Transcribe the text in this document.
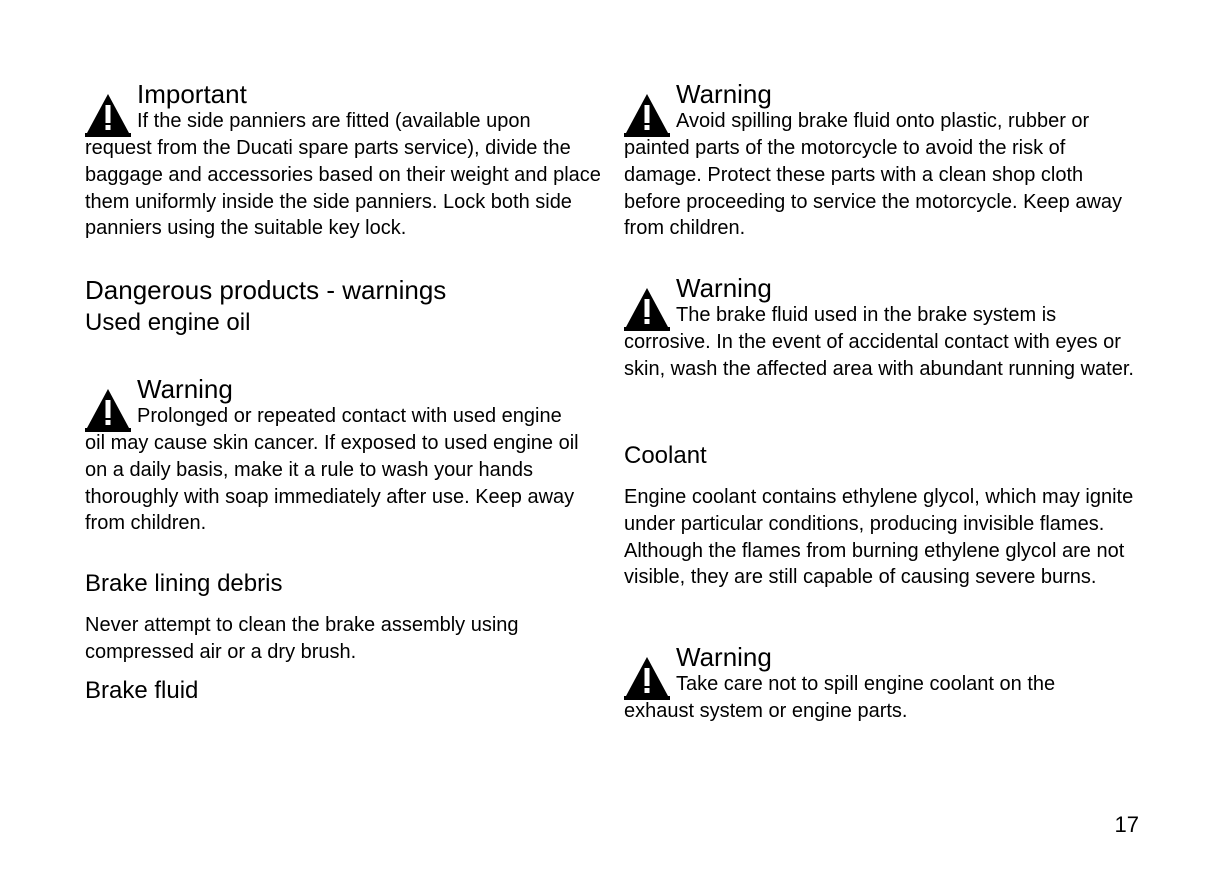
Important
If the side panniers are fitted (available upon
request from the Ducati spare parts service), divide the baggage and accessories based on their weight and place them uniformly inside the side panniers. Lock both side panniers using the suitable key lock.
Dangerous products - warnings
Used engine oil
Warning
Prolonged or repeated contact with used engine
oil may cause skin cancer. If exposed to used engine oil on a daily basis, make it a rule to wash your hands thoroughly with soap immediately after use. Keep away from children.
Brake lining debris
Never attempt to clean the brake assembly using compressed air or a dry brush.
Brake fluid
Warning
Avoid spilling brake fluid onto plastic, rubber or
painted parts of the motorcycle to avoid the risk of damage. Protect these parts with a clean shop cloth before proceeding to service the motorcycle. Keep away from children.
Warning
The brake fluid used in the brake system is
corrosive. In the event of accidental contact with eyes or skin, wash the affected area with abundant running water.
Coolant
Engine coolant contains ethylene glycol, which may ignite under particular conditions, producing invisible flames. Although the flames from burning ethylene glycol are not visible, they are still capable of causing severe burns.
Warning
Take care not to spill engine coolant on the
exhaust system or engine parts.
17
